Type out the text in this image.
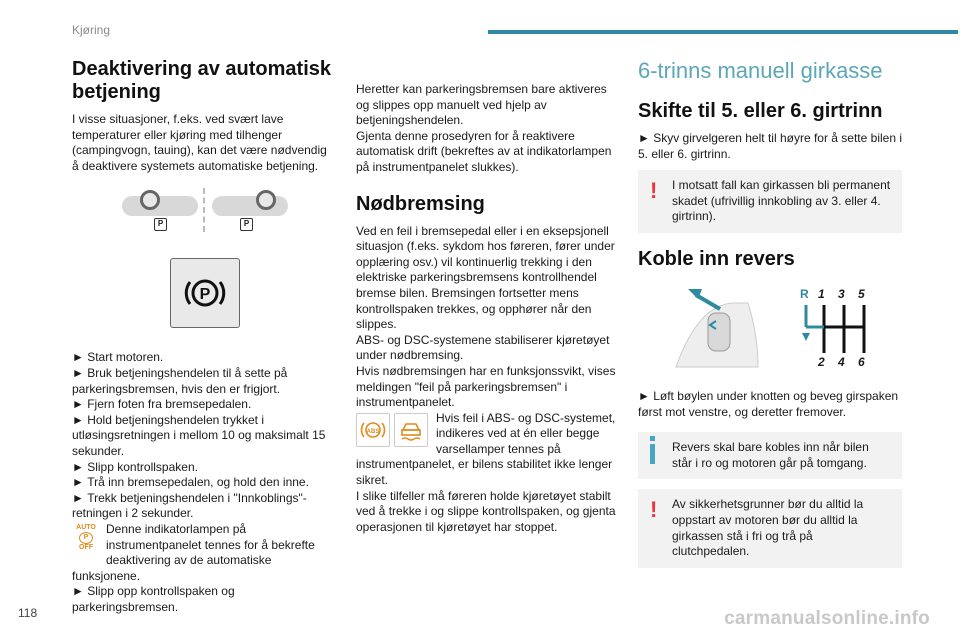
Kjøring
Deaktivering av automatisk betjening

I visse situasjoner, f.eks. ved svært lave temperaturer eller kjøring med tilhenger (campingvogn, tauing), kan det være nødvendig å deaktivere systemets automatiske betjening.

P	P
P

► Start motoren.

► Bruk betjeningshendelen til å sette på parkeringsbremsen, hvis den er frigjort.

► Fjern foten fra bremsepedalen.

► Hold betjeningshendelen trykket i utløsingsretningen i mellom 10 og maksimalt 15 sekunder.

► Slipp kontrollspaken.

► Trå inn bremsepedalen, og hold den inne.

► Trekk betjeningshendelen i "Innkoblings"-retningen i 2 sekunder.

AUTO
P
OFF

Denne indikatorlampen på instrumentpanelet tennes for å bekrefte deaktivering av de automatiske funksjonene.

► Slipp opp kontrollspaken og parkeringsbremsen.

Heretter kan parkeringsbremsen bare aktiveres og slippes opp manuelt ved hjelp av betjeningshendelen.
Gjenta denne prosedyren for å reaktivere automatisk drift (bekreftes av at indikatorlampen på instrumentpanelet slukkes).

Nødbremsing

Ved en feil i bremsepedal eller i en eksepsjonell situasjon (f.eks. sykdom hos føreren, fører under opplæring osv.) vil kontinuerlig trekking i den elektriske parkeringsbremsens kontrollhendel bremse bilen. Bremsingen fortsetter mens kontrollspaken trekkes, og opphører når den slippes.

ABS- og DSC-systemene stabiliserer kjøretøyet under nødbremsing.

Hvis nødbremsingen har en funksjonssvikt, vises meldingen "feil på parkeringsbremsen" i instrumentpanelet.

ABS

Hvis feil i ABS- og DSC-systemet, indikeres ved at én eller begge varsellamper tennes på instrumentpanelet, er bilens stabilitet ikke lenger sikret.

I slike tilfeller må føreren holde kjøretøyet stabilt ved å trekke i og slippe kontrollspaken, og gjenta operasjonen til kjøretøyet har stoppet.

6-trinns manuell girkasse
Skifte til 5. eller 6. girtrinn

► Skyv girvelgeren helt til høyre for å sette bilen i 5. eller 6. girtrinn.

!	I motsatt fall kan girkassen bli permanent skadet (ufrivillig innkobling av 3. eller 4. girtrinn).
Koble inn revers
R 1 3 5
2 4 6

► Løft bøylen under knotten og beveg girspaken først mot venstre, og deretter fremover.

Revers skal bare kobles inn når bilen står i ro og motoren går på tomgang.
!	Av sikkerhetsgrunner bør du alltid la oppstart av motoren bør du alltid la girkassen stå i fri og trå på clutchpedalen.
118	carmanualsonline.info
